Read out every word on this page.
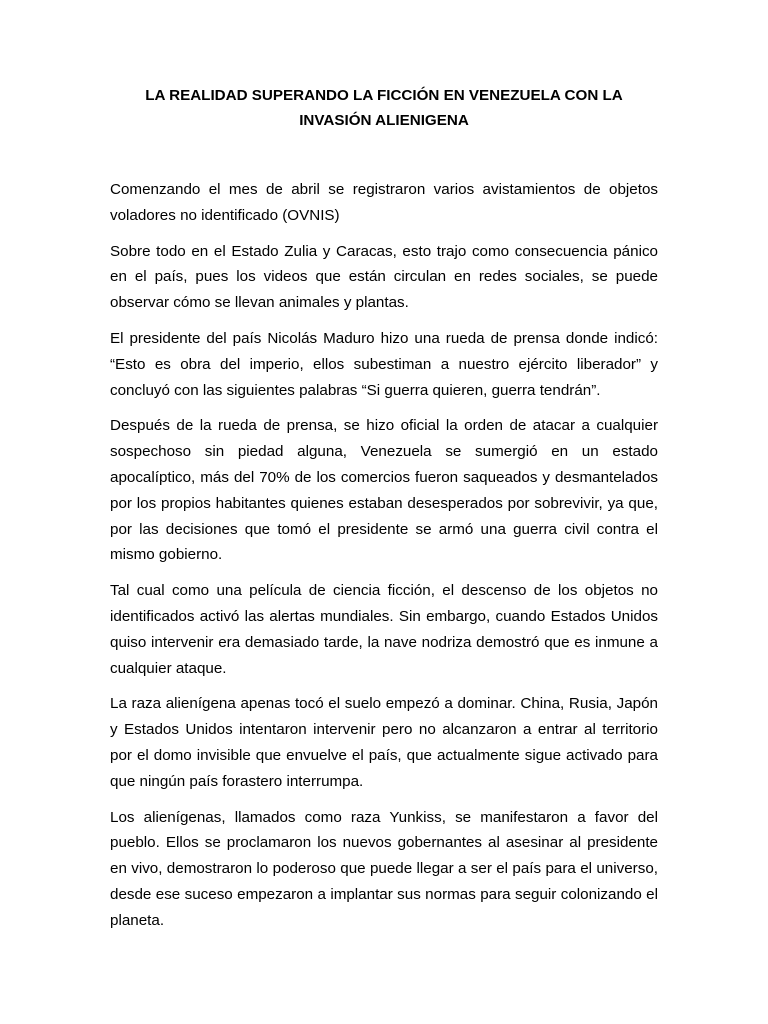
LA REALIDAD SUPERANDO LA FICCIÓN EN VENEZUELA CON LA
INVASIÓN ALIENIGENA

Comenzando el mes de abril se registraron varios avistamientos de objetos voladores no identificado (OVNIS)

Sobre todo en el Estado Zulia y Caracas, esto trajo como consecuencia pánico en el país, pues los videos que están circulan en redes sociales, se puede observar cómo se llevan animales y plantas.

El presidente del país Nicolás Maduro hizo una rueda de prensa donde indicó: “Esto es obra del imperio, ellos subestiman a nuestro ejército liberador” y concluyó con las siguientes palabras “Si guerra quieren, guerra tendrán”.

Después de la rueda de prensa, se hizo oficial la orden de atacar a cualquier sospechoso sin piedad alguna, Venezuela se sumergió en un estado apocalíptico, más del 70% de los comercios fueron saqueados y desmantelados por los propios habitantes quienes estaban desesperados por sobrevivir, ya que, por las decisiones que tomó el presidente se armó una guerra civil contra el mismo gobierno.

Tal cual como una película de ciencia ficción, el descenso de los objetos no identificados activó las alertas mundiales. Sin embargo, cuando Estados Unidos quiso intervenir era demasiado tarde, la nave nodriza demostró que es inmune a cualquier ataque.

La raza alienígena apenas tocó el suelo empezó a dominar. China, Rusia, Japón y Estados Unidos intentaron intervenir pero no alcanzaron a entrar al territorio por el domo invisible que envuelve el país, que actualmente sigue activado para que ningún país forastero interrumpa.

Los alienígenas, llamados como raza Yunkiss, se manifestaron a favor del pueblo. Ellos se proclamaron los nuevos gobernantes al asesinar al presidente en vivo, demostraron lo poderoso que puede llegar a ser el país para el universo, desde ese suceso empezaron a implantar sus normas para seguir colonizando el planeta.
